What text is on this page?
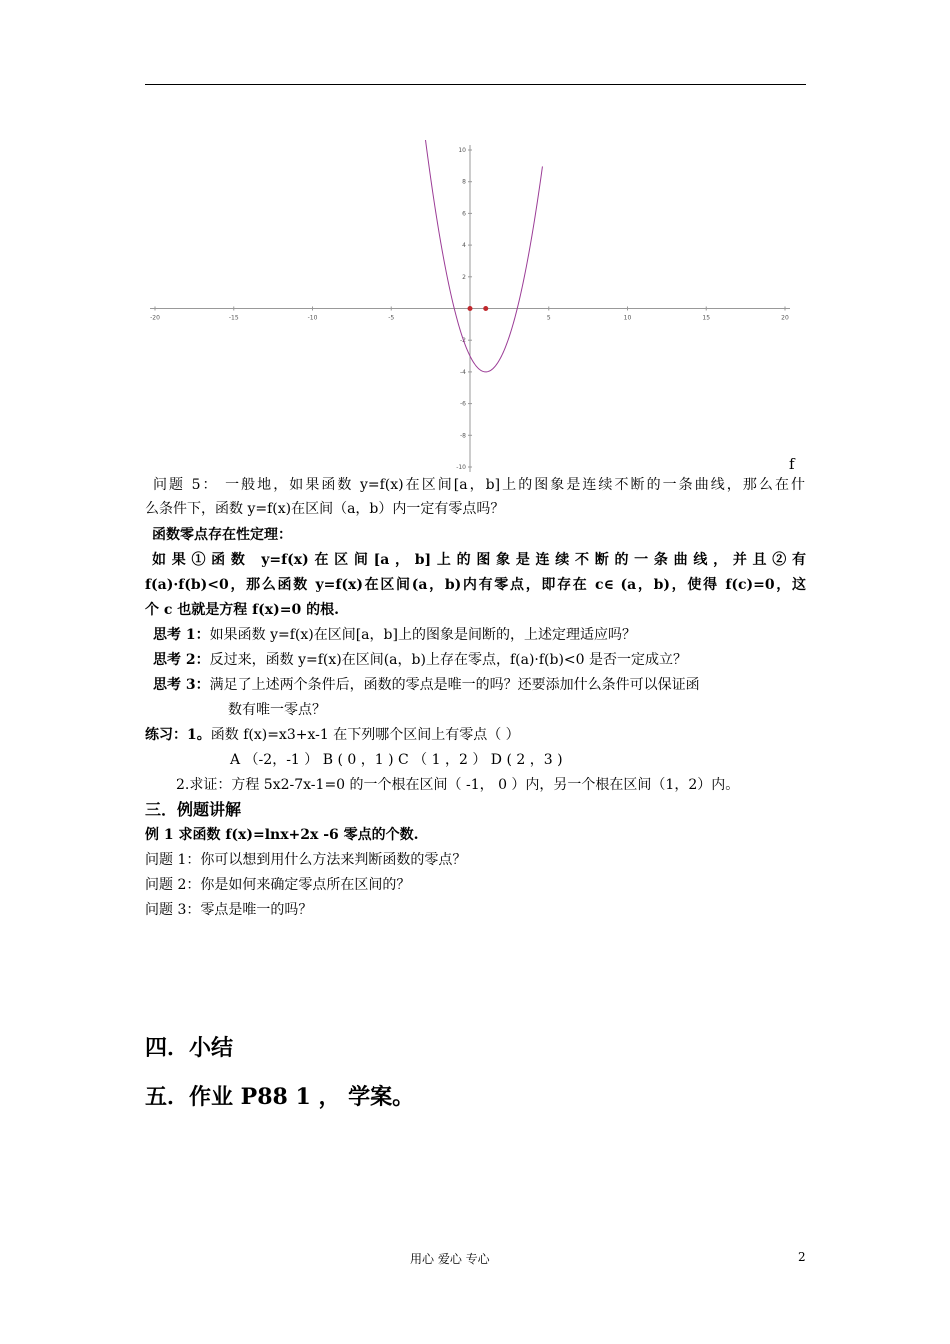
-20	-15	-10	-5	5	10	15	20
-10
-8
-6
-4
-2
2
4
6
8
10
f
问题 5： 一般地，如果函数 y=f(x)在区间[a，b]上的图象是连续不断的一条曲线，那么在什
么条件下，函数 y=f(x)在区间（a，b）内一定有零点吗？
函数零点存在性定理：
如果①函数 y=f(x)在区间[a，b]上的图象是连续不断的一条曲线，并且②有
f(a)·f(b)<0，那么函数 y=f(x)在区间(a，b)内有零点，即存在 c∈ (a，b)，使得 f(c)=0，这
个 c 也就是方程 f(x)=0 的根.
思考 1：如果函数 y=f(x)在区间[a，b]上的图象是间断的，上述定理适应吗？
思考 2：反过来，函数 y=f(x)在区间(a，b)上存在零点，f(a)·f(b)<0 是否一定成立？
思考 3：满足了上述两个条件后，函数的零点是唯一的吗？还要添加什么条件可以保证函
数有唯一零点？
练习：1。函数 f(x)=x3+x-1 在下列哪个区间上有零点（ ）
A （-2，-1 ） B ( 0 ，1 ) C （ 1 ，2 ） D ( 2 ，3 )
2.求证：方程 5x2-7x-1=0 的一个根在区间（ -1， 0 ）内，另一个根在区间（1，2）内。
三．例题讲解
例 1 求函数 f(x)=lnx+2x -6 零点的个数.
问题 1：你可以想到用什么方法来判断函数的零点？
问题 2：你是如何来确定零点所在区间的？
问题 3：零点是唯一的吗？
四．小结
五．作业 P88 1 ， 学案。
用心 爱心 专心	2
